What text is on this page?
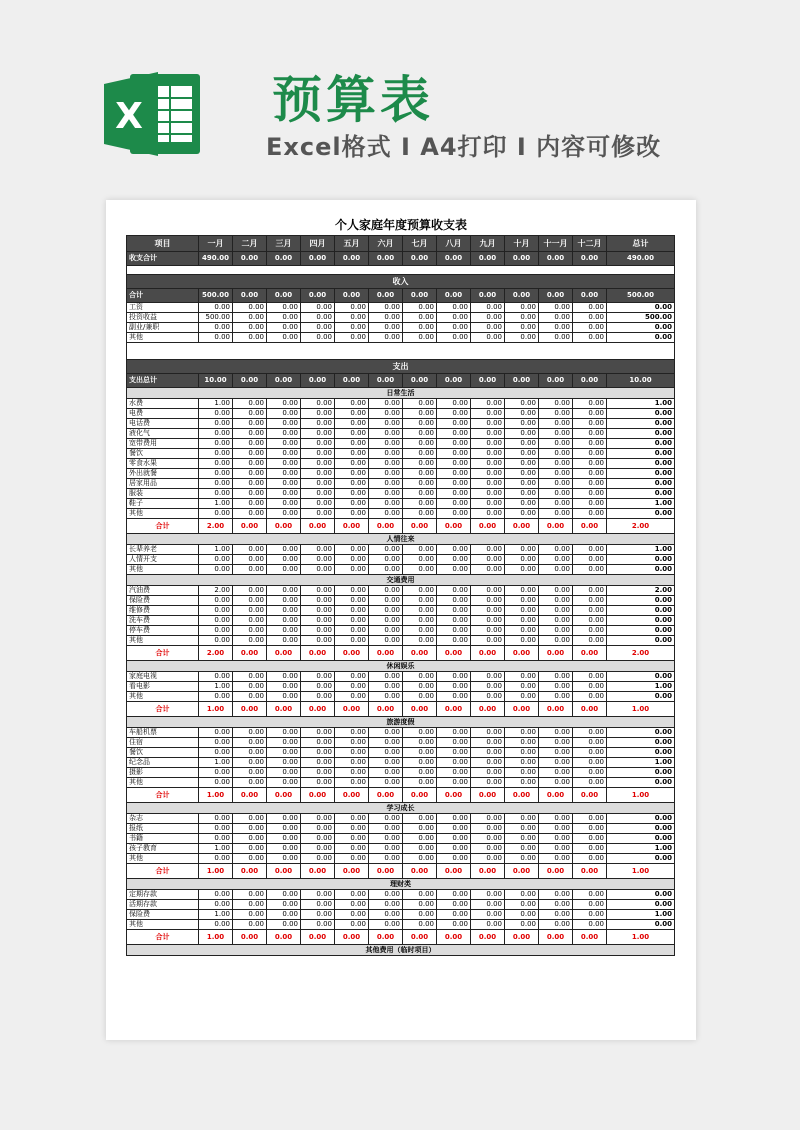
X	预算表
Excel格式 I A4打印 I 内容可修改
个人家庭年度预算收支表
项目	一月	二月	三月	四月	五月	六月	七月	八月	九月	十月	十一月	十二月	总计
收支合计	490.00	0.00	0.00	0.00	0.00	0.00	0.00	0.00	0.00	0.00	0.00	0.00	490.00

收入													
合计	500.00	0.00	0.00	0.00	0.00	0.00	0.00	0.00	0.00	0.00	0.00	0.00	500.00
工资	0.00	0.00	0.00	0.00	0.00	0.00	0.00	0.00	0.00	0.00	0.00	0.00	0.00
投资收益	500.00	0.00	0.00	0.00	0.00	0.00	0.00	0.00	0.00	0.00	0.00	0.00	500.00
副业/兼职	0.00	0.00	0.00	0.00	0.00	0.00	0.00	0.00	0.00	0.00	0.00	0.00	0.00
其他	0.00	0.00	0.00	0.00	0.00	0.00	0.00	0.00	0.00	0.00	0.00	0.00	0.00

支出													
支出总计	10.00	0.00	0.00	0.00	0.00	0.00	0.00	0.00	0.00	0.00	0.00	0.00	10.00
日常生活													
水费	1.00	0.00	0.00	0.00	0.00	0.00	0.00	0.00	0.00	0.00	0.00	0.00	1.00
电费	0.00	0.00	0.00	0.00	0.00	0.00	0.00	0.00	0.00	0.00	0.00	0.00	0.00
电话费	0.00	0.00	0.00	0.00	0.00	0.00	0.00	0.00	0.00	0.00	0.00	0.00	0.00
液化气	0.00	0.00	0.00	0.00	0.00	0.00	0.00	0.00	0.00	0.00	0.00	0.00	0.00
宽带费用	0.00	0.00	0.00	0.00	0.00	0.00	0.00	0.00	0.00	0.00	0.00	0.00	0.00
餐饮	0.00	0.00	0.00	0.00	0.00	0.00	0.00	0.00	0.00	0.00	0.00	0.00	0.00
零食水果	0.00	0.00	0.00	0.00	0.00	0.00	0.00	0.00	0.00	0.00	0.00	0.00	0.00
外出就餐	0.00	0.00	0.00	0.00	0.00	0.00	0.00	0.00	0.00	0.00	0.00	0.00	0.00
居家用品	0.00	0.00	0.00	0.00	0.00	0.00	0.00	0.00	0.00	0.00	0.00	0.00	0.00
服装	0.00	0.00	0.00	0.00	0.00	0.00	0.00	0.00	0.00	0.00	0.00	0.00	0.00
鞋子	1.00	0.00	0.00	0.00	0.00	0.00	0.00	0.00	0.00	0.00	0.00	0.00	1.00
其他	0.00	0.00	0.00	0.00	0.00	0.00	0.00	0.00	0.00	0.00	0.00	0.00	0.00
合计	2.00	0.00	0.00	0.00	0.00	0.00	0.00	0.00	0.00	0.00	0.00	0.00	2.00
人情往来													
长辈养老	1.00	0.00	0.00	0.00	0.00	0.00	0.00	0.00	0.00	0.00	0.00	0.00	1.00
人情开支	0.00	0.00	0.00	0.00	0.00	0.00	0.00	0.00	0.00	0.00	0.00	0.00	0.00
其他	0.00	0.00	0.00	0.00	0.00	0.00	0.00	0.00	0.00	0.00	0.00	0.00	0.00
交通费用													
汽油费	2.00	0.00	0.00	0.00	0.00	0.00	0.00	0.00	0.00	0.00	0.00	0.00	2.00
保险费	0.00	0.00	0.00	0.00	0.00	0.00	0.00	0.00	0.00	0.00	0.00	0.00	0.00
维修费	0.00	0.00	0.00	0.00	0.00	0.00	0.00	0.00	0.00	0.00	0.00	0.00	0.00
洗车费	0.00	0.00	0.00	0.00	0.00	0.00	0.00	0.00	0.00	0.00	0.00	0.00	0.00
停车费	0.00	0.00	0.00	0.00	0.00	0.00	0.00	0.00	0.00	0.00	0.00	0.00	0.00
其他	0.00	0.00	0.00	0.00	0.00	0.00	0.00	0.00	0.00	0.00	0.00	0.00	0.00
合计	2.00	0.00	0.00	0.00	0.00	0.00	0.00	0.00	0.00	0.00	0.00	0.00	2.00
休闲娱乐													
家庭电视	0.00	0.00	0.00	0.00	0.00	0.00	0.00	0.00	0.00	0.00	0.00	0.00	0.00
看电影	1.00	0.00	0.00	0.00	0.00	0.00	0.00	0.00	0.00	0.00	0.00	0.00	1.00
其他	0.00	0.00	0.00	0.00	0.00	0.00	0.00	0.00	0.00	0.00	0.00	0.00	0.00
合计	1.00	0.00	0.00	0.00	0.00	0.00	0.00	0.00	0.00	0.00	0.00	0.00	1.00
旅游度假													
车船机票	0.00	0.00	0.00	0.00	0.00	0.00	0.00	0.00	0.00	0.00	0.00	0.00	0.00
住宿	0.00	0.00	0.00	0.00	0.00	0.00	0.00	0.00	0.00	0.00	0.00	0.00	0.00
餐饮	0.00	0.00	0.00	0.00	0.00	0.00	0.00	0.00	0.00	0.00	0.00	0.00	0.00
纪念品	1.00	0.00	0.00	0.00	0.00	0.00	0.00	0.00	0.00	0.00	0.00	0.00	1.00
摄影	0.00	0.00	0.00	0.00	0.00	0.00	0.00	0.00	0.00	0.00	0.00	0.00	0.00
其他	0.00	0.00	0.00	0.00	0.00	0.00	0.00	0.00	0.00	0.00	0.00	0.00	0.00
合计	1.00	0.00	0.00	0.00	0.00	0.00	0.00	0.00	0.00	0.00	0.00	0.00	1.00
学习成长													
杂志	0.00	0.00	0.00	0.00	0.00	0.00	0.00	0.00	0.00	0.00	0.00	0.00	0.00
报纸	0.00	0.00	0.00	0.00	0.00	0.00	0.00	0.00	0.00	0.00	0.00	0.00	0.00
书籍	0.00	0.00	0.00	0.00	0.00	0.00	0.00	0.00	0.00	0.00	0.00	0.00	0.00
孩子教育	1.00	0.00	0.00	0.00	0.00	0.00	0.00	0.00	0.00	0.00	0.00	0.00	1.00
其他	0.00	0.00	0.00	0.00	0.00	0.00	0.00	0.00	0.00	0.00	0.00	0.00	0.00
合计	1.00	0.00	0.00	0.00	0.00	0.00	0.00	0.00	0.00	0.00	0.00	0.00	1.00
理财类													
定期存款	0.00	0.00	0.00	0.00	0.00	0.00	0.00	0.00	0.00	0.00	0.00	0.00	0.00
活期存款	0.00	0.00	0.00	0.00	0.00	0.00	0.00	0.00	0.00	0.00	0.00	0.00	0.00
保险费	1.00	0.00	0.00	0.00	0.00	0.00	0.00	0.00	0.00	0.00	0.00	0.00	1.00
其他	0.00	0.00	0.00	0.00	0.00	0.00	0.00	0.00	0.00	0.00	0.00	0.00	0.00
合计	1.00	0.00	0.00	0.00	0.00	0.00	0.00	0.00	0.00	0.00	0.00	0.00	1.00
其他费用（临时项目）													
